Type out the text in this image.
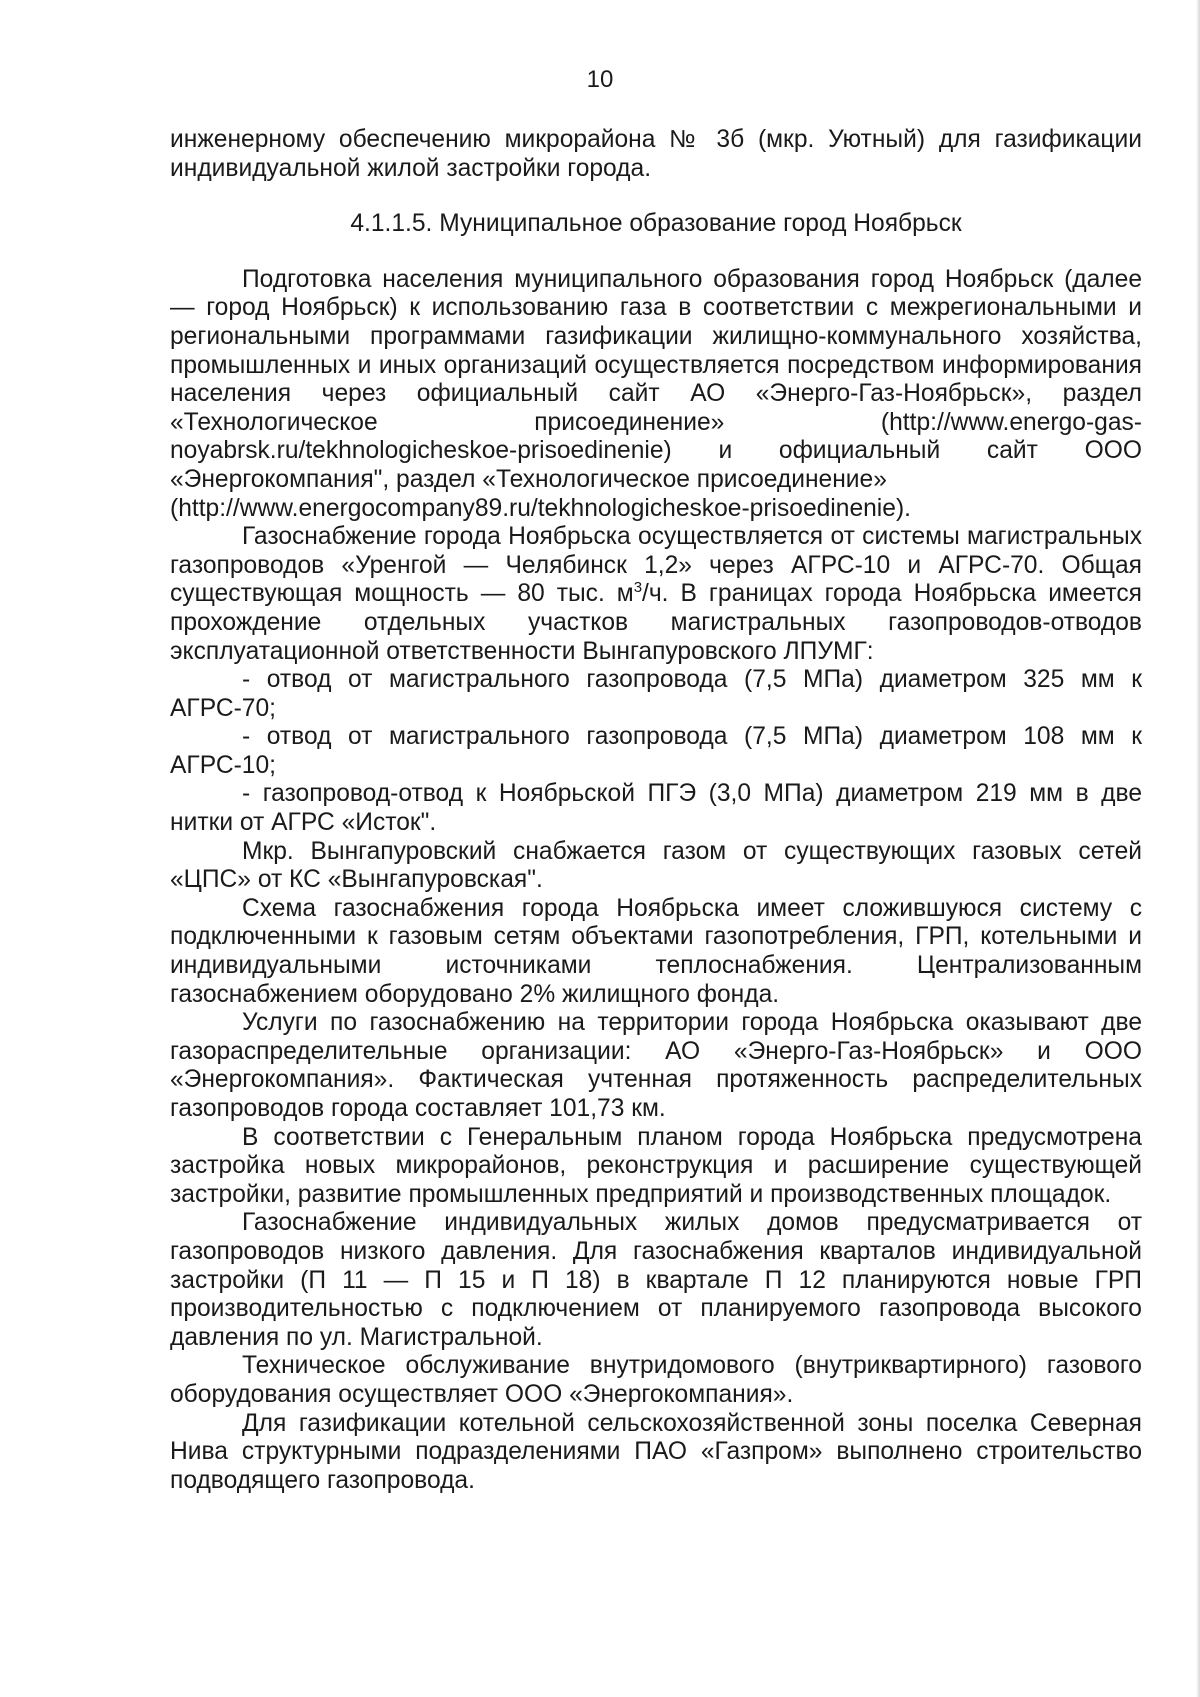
10

инженерному обеспечению микрорайона № 3б (мкр. Уютный) для газификации индивидуальной жилой застройки города.

4.1.1.5. Муниципальное образование город Ноябрьск

Подготовка населения муниципального образования город Ноябрьск (далее — город Ноябрьск) к использованию газа в соответствии с межрегиональными и региональными программами газификации жилищно-коммунального хозяйства, промышленных и иных организаций осуществляется посредством информирования населения через официальный сайт АО «Энерго-Газ-Ноябрьск», раздел «Технологическое присоединение» (http://www.energo-gas-noyabrsk.ru/tekhnologicheskoe-prisoedinenie) и официальный сайт ООО «Энергокомпания", раздел «Технологическое присоединение»

(http://www.energocompany89.ru/tekhnologicheskoe-prisoedinenie).

Газоснабжение города Ноябрьска осуществляется от системы магистральных газопроводов «Уренгой — Челябинск 1,2» через АГРС-10 и АГРС-70. Общая существующая мощность — 80 тыс. $м^3/ч$. В границах города Ноябрьска имеется прохождение отдельных участков магистральных газопроводов-отводов эксплуатационной ответственности Вынгапуровского ЛПУМГ:

- отвод от магистрального газопровода (7,5 МПа) диаметром 325 мм к АГРС-70;

- отвод от магистрального газопровода (7,5 МПа) диаметром 108 мм к АГРС-10;

- газопровод-отвод к Ноябрьской ПГЭ (3,0 МПа) диаметром 219 мм в две нитки от АГРС «Исток".

Мкр. Вынгапуровский снабжается газом от существующих газовых сетей «ЦПС» от КС «Вынгапуровская".

Схема газоснабжения города Ноябрьска имеет сложившуюся систему с подключенными к газовым сетям объектами газопотребления, ГРП, котельными и индивидуальными источниками теплоснабжения. Централизованным газоснабжением оборудовано 2% жилищного фонда.

Услуги по газоснабжению на территории города Ноябрьска оказывают две газораспределительные организации: АО «Энерго-Газ-Ноябрьск» и ООО «Энергокомпания». Фактическая учтенная протяженность распределительных газопроводов города составляет 101,73 км.

В соответствии с Генеральным планом города Ноябрьска предусмотрена застройка новых микрорайонов, реконструкция и расширение существующей застройки, развитие промышленных предприятий и производственных площадок.

Газоснабжение индивидуальных жилых домов предусматривается от газопроводов низкого давления. Для газоснабжения кварталов индивидуальной застройки (П 11 — П 15 и П 18) в квартале П 12 планируются новые ГРП производительностью с подключением от планируемого газопровода высокого давления по ул. Магистральной.

Техническое обслуживание внутридомового (внутриквартирного) газового оборудования осуществляет ООО «Энергокомпания».

Для газификации котельной сельскохозяйственной зоны поселка Северная Нива структурными подразделениями ПАО «Газпром» выполнено строительство подводящего газопровода.
